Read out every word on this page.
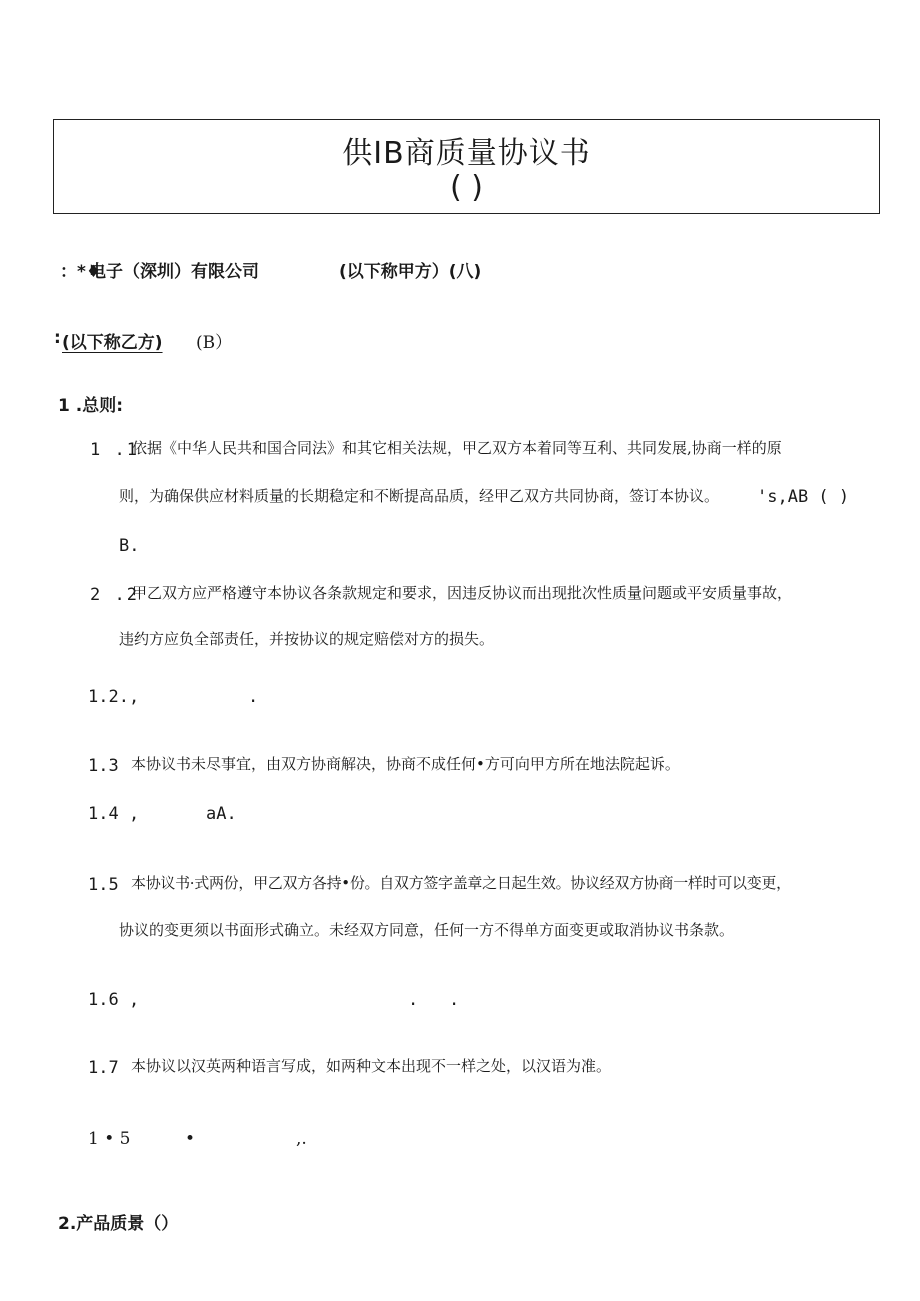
供IB商质量协议书
( )
：*♦
电子（深圳）有限公司	(以下称甲方）(八)
: (以下称乙方) (B）
1 .总则:
1 .1
依据《中华人民共和国合同法》和其它相关法规，甲乙双方本着同等互利、共同发展,协商一样的原
则，为确保供应材料质量的长期稳定和不断提高品质，经甲乙双方共同协商，签订本协议。 's,AB ( )
B.
2 .2
甲乙双方应严格遵守本协议各条款规定和要求，因违反协议而出现批次性质量问题或平安质量事故，
违约方应负全部责任，并按协议的规定赔偿对方的损失。
1.2.,	.
1.3 本协议书未尽事宜，由双方协商解决，协商不成任何•方可向甲方所在地法院起诉。
1.4 ,	aA.
1.5 本协议书·式两份，甲乙双方各持•份。自双方签字盖章之日起生效。协议经双方协商一样时可以变更，
协议的变更须以书面形式确立。未经双方同意，任何一方不得单方面变更或取消协议书条款。
1.6 ,	.   .
1.7 本协议以汉英两种语言写成，如两种文本出现不一样之处，以汉语为准。
1 • 5	•	,.
2.产品质景（）
